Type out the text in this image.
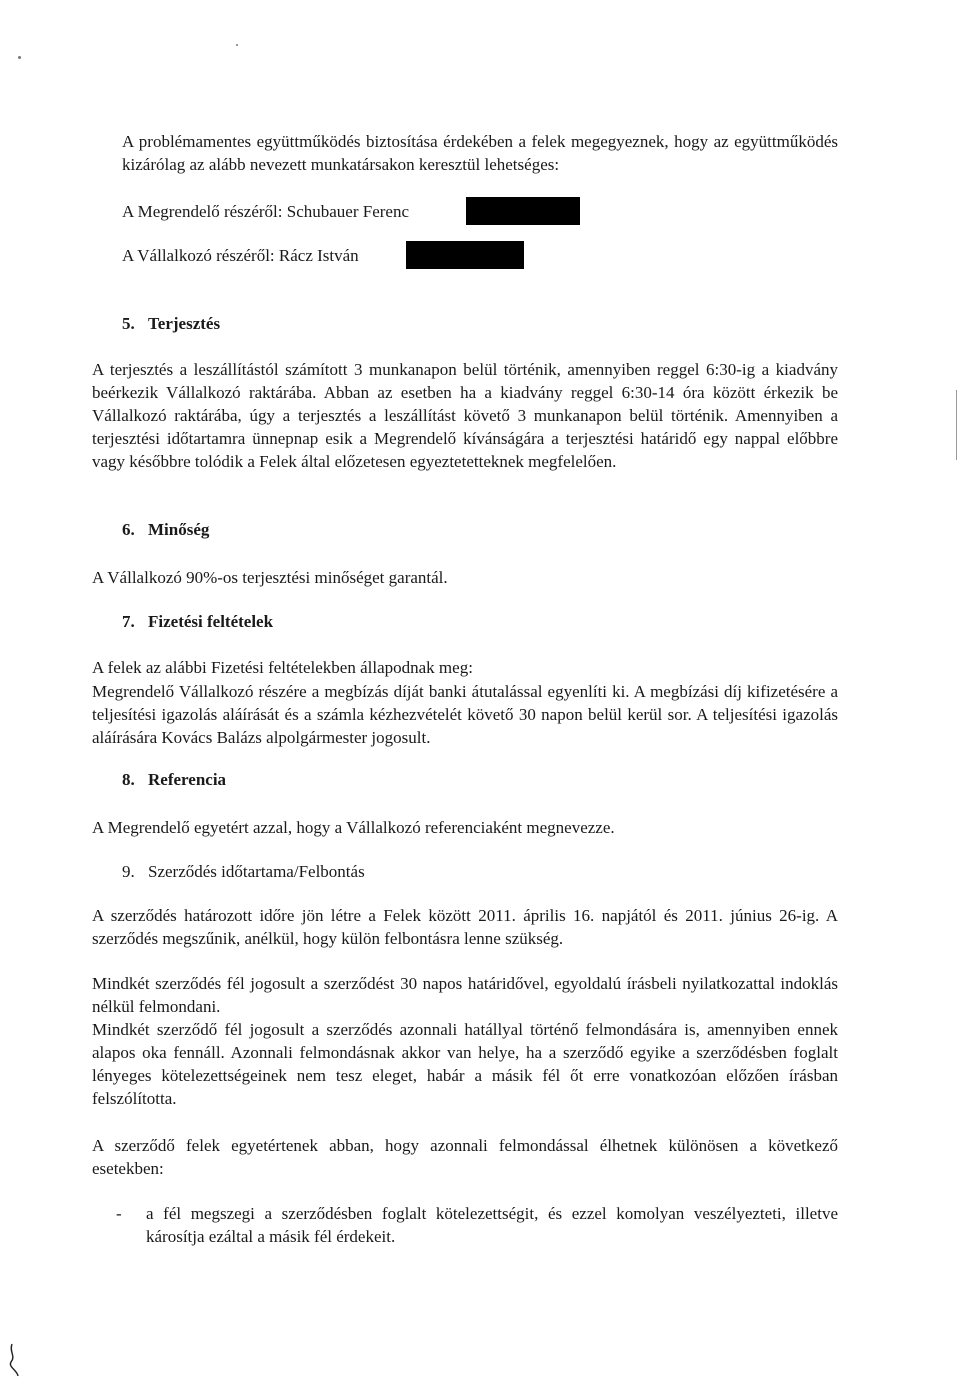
A problémamentes együttműködés biztosítása érdekében a felek megegyeznek, hogy az együttműködés kizárólag az alább nevezett munkatársakon keresztül lehetséges:
A Megrendelő részéről: Schubauer Ferenc
A Vállalkozó részéről: Rácz István
5. Terjesztés
A terjesztés a leszállítástól számított 3 munkanapon belül történik, amennyiben reggel 6:30-ig a kiadvány beérkezik Vállalkozó raktárába. Abban az esetben ha a kiadvány reggel 6:30-14 óra között érkezik be Vállalkozó raktárába, úgy a terjesztés a leszállítást követő 3 munkanapon belül történik. Amennyiben a terjesztési időtartamra ünnepnap esik a Megrendelő kívánságára a terjesztési határidő egy nappal előbbre vagy későbbre tolódik a Felek által előzetesen egyeztetetteknek megfelelően.
6. Minőség
A Vállalkozó 90%-os terjesztési minőséget garantál.
7. Fizetési feltételek
A felek az alábbi Fizetési feltételekben állapodnak meg:
Megrendelő Vállalkozó részére a megbízás díját banki átutalással egyenlíti ki. A megbízási díj kifizetésére a teljesítési igazolás aláírását és a számla kézhezvételét követő 30 napon belül kerül sor. A teljesítési igazolás aláírására Kovács Balázs alpolgármester jogosult.
8. Referencia
A Megrendelő egyetért azzal, hogy a Vállalkozó referenciaként megnevezze.
9. Szerződés időtartama/Felbontás
A szerződés határozott időre jön létre a Felek között 2011. április 16. napjától és 2011. június 26-ig. A szerződés megszűnik, anélkül, hogy külön felbontásra lenne szükség.
Mindkét szerződés fél jogosult a szerződést 30 napos határidővel, egyoldalú írásbeli nyilatkozattal indoklás nélkül felmondani.
Mindkét szerződő fél jogosult a szerződés azonnali hatállyal történő felmondására is, amennyiben ennek alapos oka fennáll. Azonnali felmondásnak akkor van helye, ha a szerződő egyike a szerződésben foglalt lényeges kötelezettségeinek nem tesz eleget, habár a másik fél őt erre vonatkozóan előzően írásban felszólította.
A szerződő felek egyetértenek abban, hogy azonnali felmondással élhetnek különösen a következő esetekben:
- a fél megszegi a szerződésben foglalt kötelezettségit, és ezzel komolyan veszélyezteti, illetve károsítja ezáltal a másik fél érdekeit.
